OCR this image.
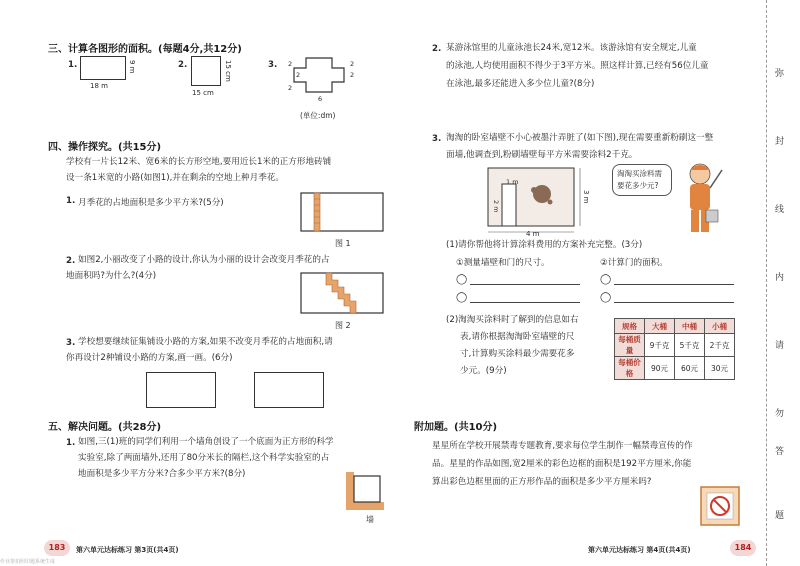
三、计算各图形的面积。(每题4分,共12分)
1.	9 m
18 m
2.	15 cm
15 cm
3. 2
2
2
2
6
2
(单位:dm)
四、操作探究。(共15分)
学校有一片长12米、宽6米的长方形空地,要用近长1米的正方形地砖铺
设一条1米宽的小路(如图1),并在剩余的空地上种月季花。
1. 月季花的占地面积是多少平方米?(5分)
图 1
2. 如图2,小丽改变了小路的设计,你认为小丽的设计会改变月季花的占
地面积吗?为什么?(4分)
图 2
3. 学校想要继续征集铺设小路的方案,如果不改变月季花的占地面积,请
你再设计2种铺设小路的方案,画一画。(6分)
五、解决问题。(共28分)
1. 如图,三(1)班的同学们利用一个墙角创设了一个底面为正方形的科学
实验室,除了两面墙外,还用了80分米长的隔栏,这个科学实验室的占
地面积是多少平方分米?合多少平方米?(8分)
墙
183	第六单元达标练习 第3页(共4页)
作业帮拍照印题系统生成
2. 某游泳馆里的儿童泳池长24米,宽12米。该游泳馆有安全规定,儿童
的泳池,人均使用面积不得少于3平方米。照这样计算,已经有56位儿童
在泳池,最多还能进入多少位儿童?(8分)
3. 淘淘的卧室墙壁不小心被墨汁弄脏了(如下图),现在需要重新粉刷这一整
面墙,他调查到,粉刷墙壁每平方米需要涂料2千克。
4 m
3 m
1 m
2 m
淘淘买涂料需要花多少元?
(1)请你帮他将计算涂料费用的方案补充完整。(3分)
①测量墙壁和门的尺寸。	②计算门的面积。
◯	◯
◯	◯
(2)淘淘买涂料时了解到的信息如右
表,请你根据淘淘卧室墙壁的尺
寸,计算购买涂料最少需要花多
少元。(9分)
规格	大桶	中桶	小桶
每桶质量	9千克	5千克	2千克
每桶价格	90元	60元	30元
附加题。(共10分)
星星所在学校开展禁毒专题教育,要求每位学生制作一幅禁毒宣传的作
品。星星的作品如图,宽2厘米的彩色边框的面积是192平方厘米,你能
算出彩色边框里面的正方形作品的面积是多少平方厘米吗?
第六单元达标练习 第4页(共4页)	184
弥
封
线
内
请
勿
答
题
